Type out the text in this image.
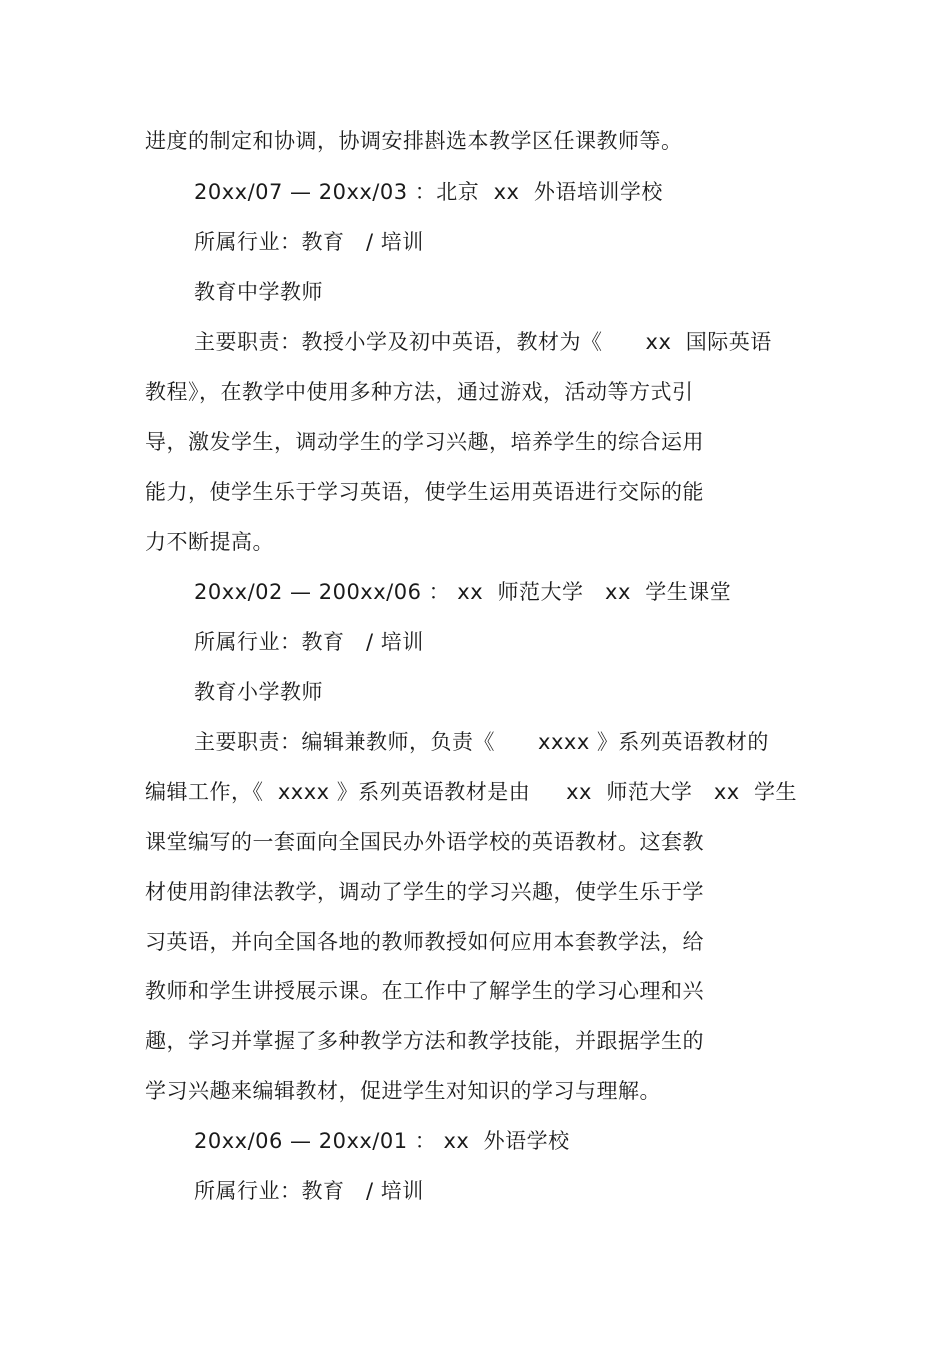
进度的制定和协调，协调安排斟选本教学区任课教师等。
20xx/07 — 20xx/03 ：北京  xx  外语培训学校
所属行业：教育   / 培训
教育中学教师
主要职责：教授小学及初中英语，教材为《      xx  国际英语
教程》，在教学中使用多种方法，通过游戏，活动等方式引
导，激发学生，调动学生的学习兴趣，培养学生的综合运用
能力，使学生乐于学习英语，使学生运用英语进行交际的能
力不断提高。
20xx/02 — 200xx/06 ： xx  师范大学   xx  学生课堂
所属行业：教育   / 培训
教育小学教师
主要职责：编辑兼教师，负责《      xxxx 》系列英语教材的
编辑工作，《  xxxx 》系列英语教材是由     xx  师范大学   xx  学生
课堂编写的一套面向全国民办外语学校的英语教材。这套教
材使用韵律法教学，调动了学生的学习兴趣，使学生乐于学
习英语，并向全国各地的教师教授如何应用本套教学法，给
教师和学生讲授展示课。在工作中了解学生的学习心理和兴
趣，学习并掌握了多种教学方法和教学技能，并跟据学生的
学习兴趣来编辑教材，促进学生对知识的学习与理解。
20xx/06 — 20xx/01 ： xx  外语学校
所属行业：教育   / 培训
